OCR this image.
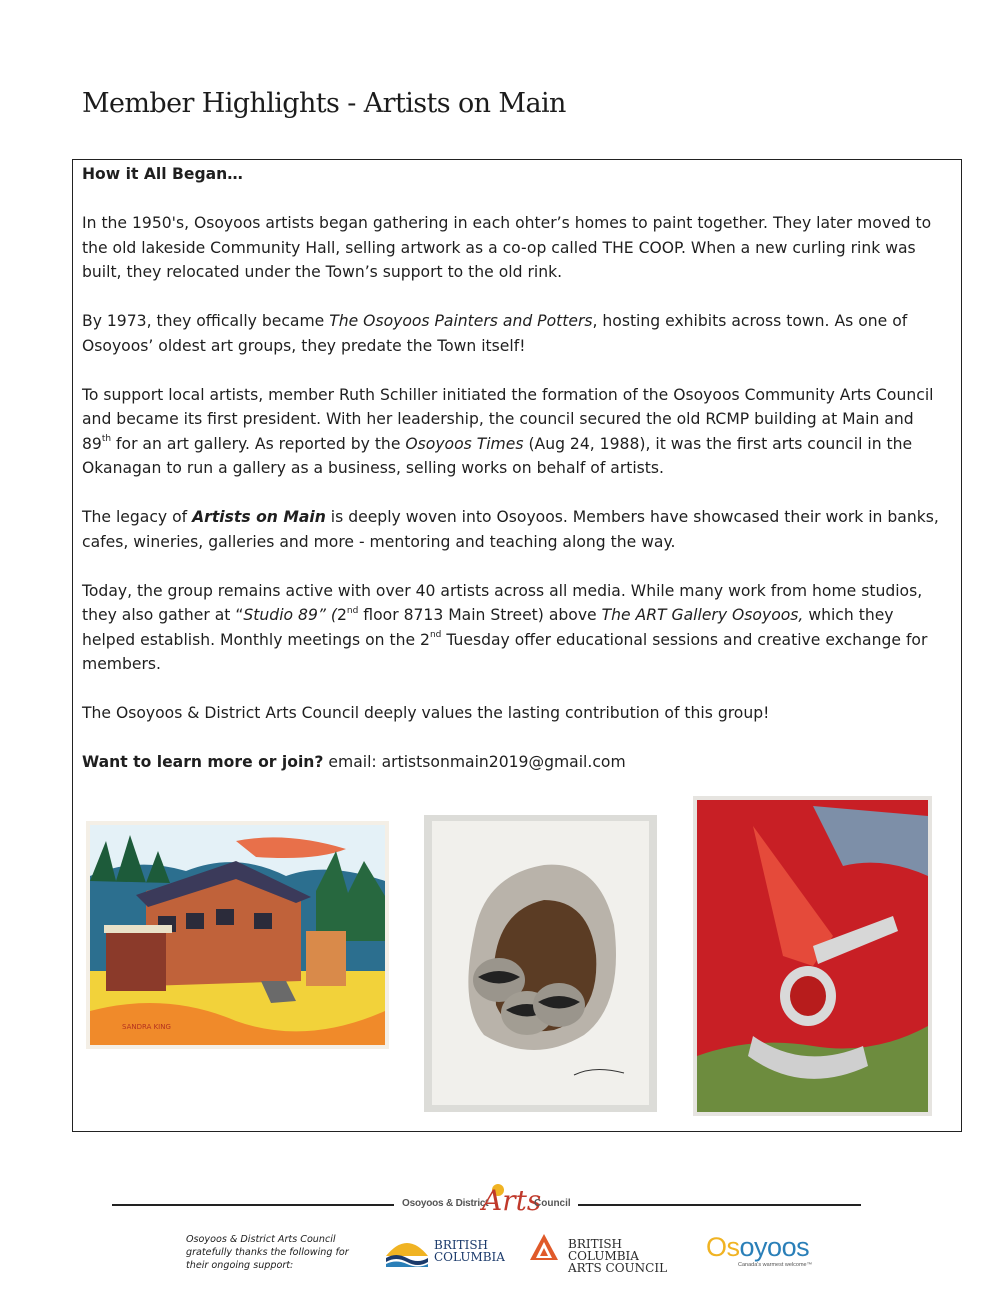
Member Highlights - Artists on Main

How it All Began…

In the 1950's, Osoyoos artists began gathering in each ohter’s homes to paint together. They later moved to the old lakeside Community Hall, selling artwork as a co-op called THE COOP. When a new curling rink was built, they relocated under the Town’s support to the old rink.

By 1973, they offically became The Osoyoos Painters and Potters, hosting exhibits across town. As one of Osoyoos’ oldest art groups, they predate the Town itself!

To support local artists, member Ruth Schiller initiated the formation of the Osoyoos Community Arts Council and became its first president. With her leadership, the council secured the old RCMP building at Main and 89th for an art gallery. As reported by the Osoyoos Times (Aug 24, 1988), it was the first arts council in the Okanagan to run a gallery as a business, selling works on behalf of artists.

The legacy of Artists on Main is deeply woven into Osoyoos. Members have showcased their work in banks, cafes, wineries, galleries and more - mentoring and teaching along the way.

Today, the group remains active with over 40 artists across all media. While many work from home studios, they also gather at “Studio 89” (2nd floor 8713 Main Street) above The ART Gallery Osoyoos, which they helped establish. Monthly meetings on the 2nd Tuesday offer educational sessions and creative exchange for members.

The Osoyoos & District Arts Council deeply values the lasting contribution of this group!

Want to learn more or join? email: artistsonmain2019@gmail.com

SANDRA KING
Osoyoos & District
Arts
Council
Osoyoos & District Arts Council gratefully thanks the following for their ongoing support:
BRITISH
COLUMBIA
BRITISH COLUMBIA
ARTS COUNCIL
Osoyoos
Canada's warmest welcome™
